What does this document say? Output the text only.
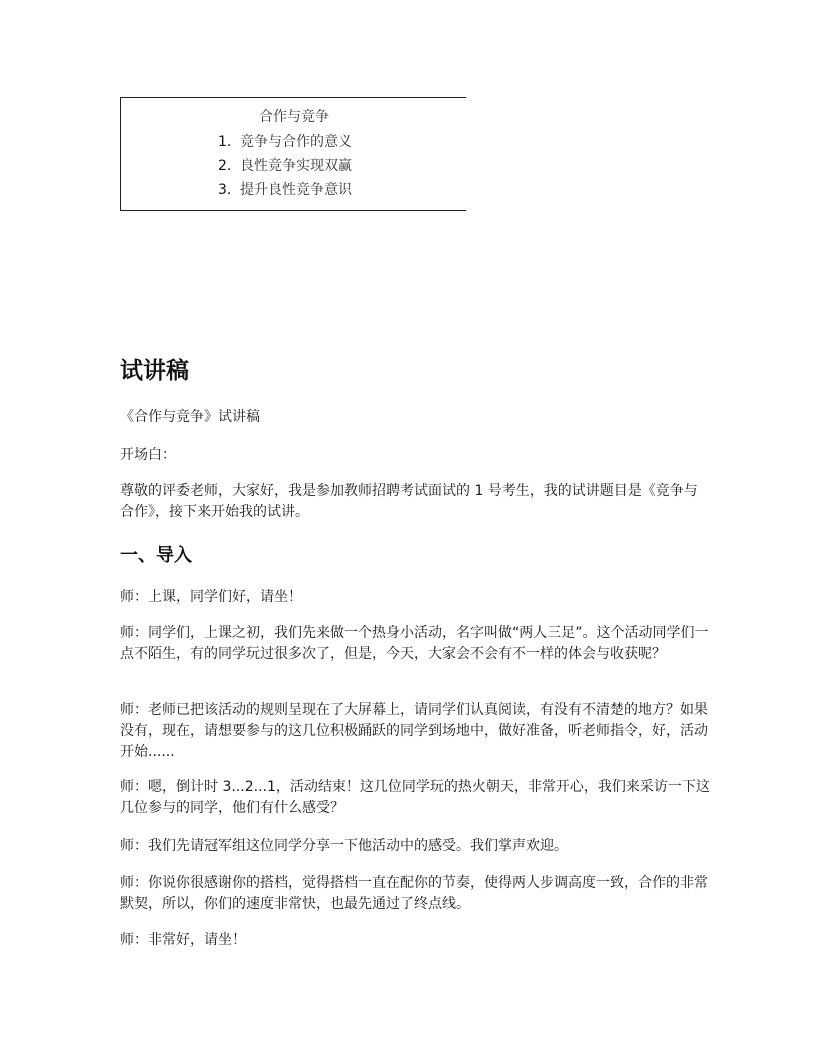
合作与竞争
1. 竞争与合作的意义
2. 良性竞争实现双赢
3. 提升良性竞争意识
试讲稿
《合作与竞争》试讲稿
开场白：
尊敬的评委老师，大家好，我是参加教师招聘考试面试的 1 号考生，我的试讲题目是《竞争与合作》，接下来开始我的试讲。
一、导入
师：上课，同学们好，请坐！
师：同学们，上课之初，我们先来做一个热身小活动，名字叫做“两人三足”。这个活动同学们一点不陌生，有的同学玩过很多次了，但是，今天，大家会不会有不一样的体会与收获呢？
师：老师已把该活动的规则呈现在了大屏幕上，请同学们认真阅读，有没有不清楚的地方？如果没有，现在，请想要参与的这几位积极踊跃的同学到场地中，做好准备，听老师指令，好，活动开始......
师：嗯，倒计时 3...2...1，活动结束！这几位同学玩的热火朝天，非常开心，我们来采访一下这几位参与的同学，他们有什么感受？
师：我们先请冠军组这位同学分享一下他活动中的感受。我们掌声欢迎。
师：你说你很感谢你的搭档，觉得搭档一直在配你的节奏，使得两人步调高度一致，合作的非常默契，所以，你们的速度非常快，也最先通过了终点线。
师：非常好，请坐！
